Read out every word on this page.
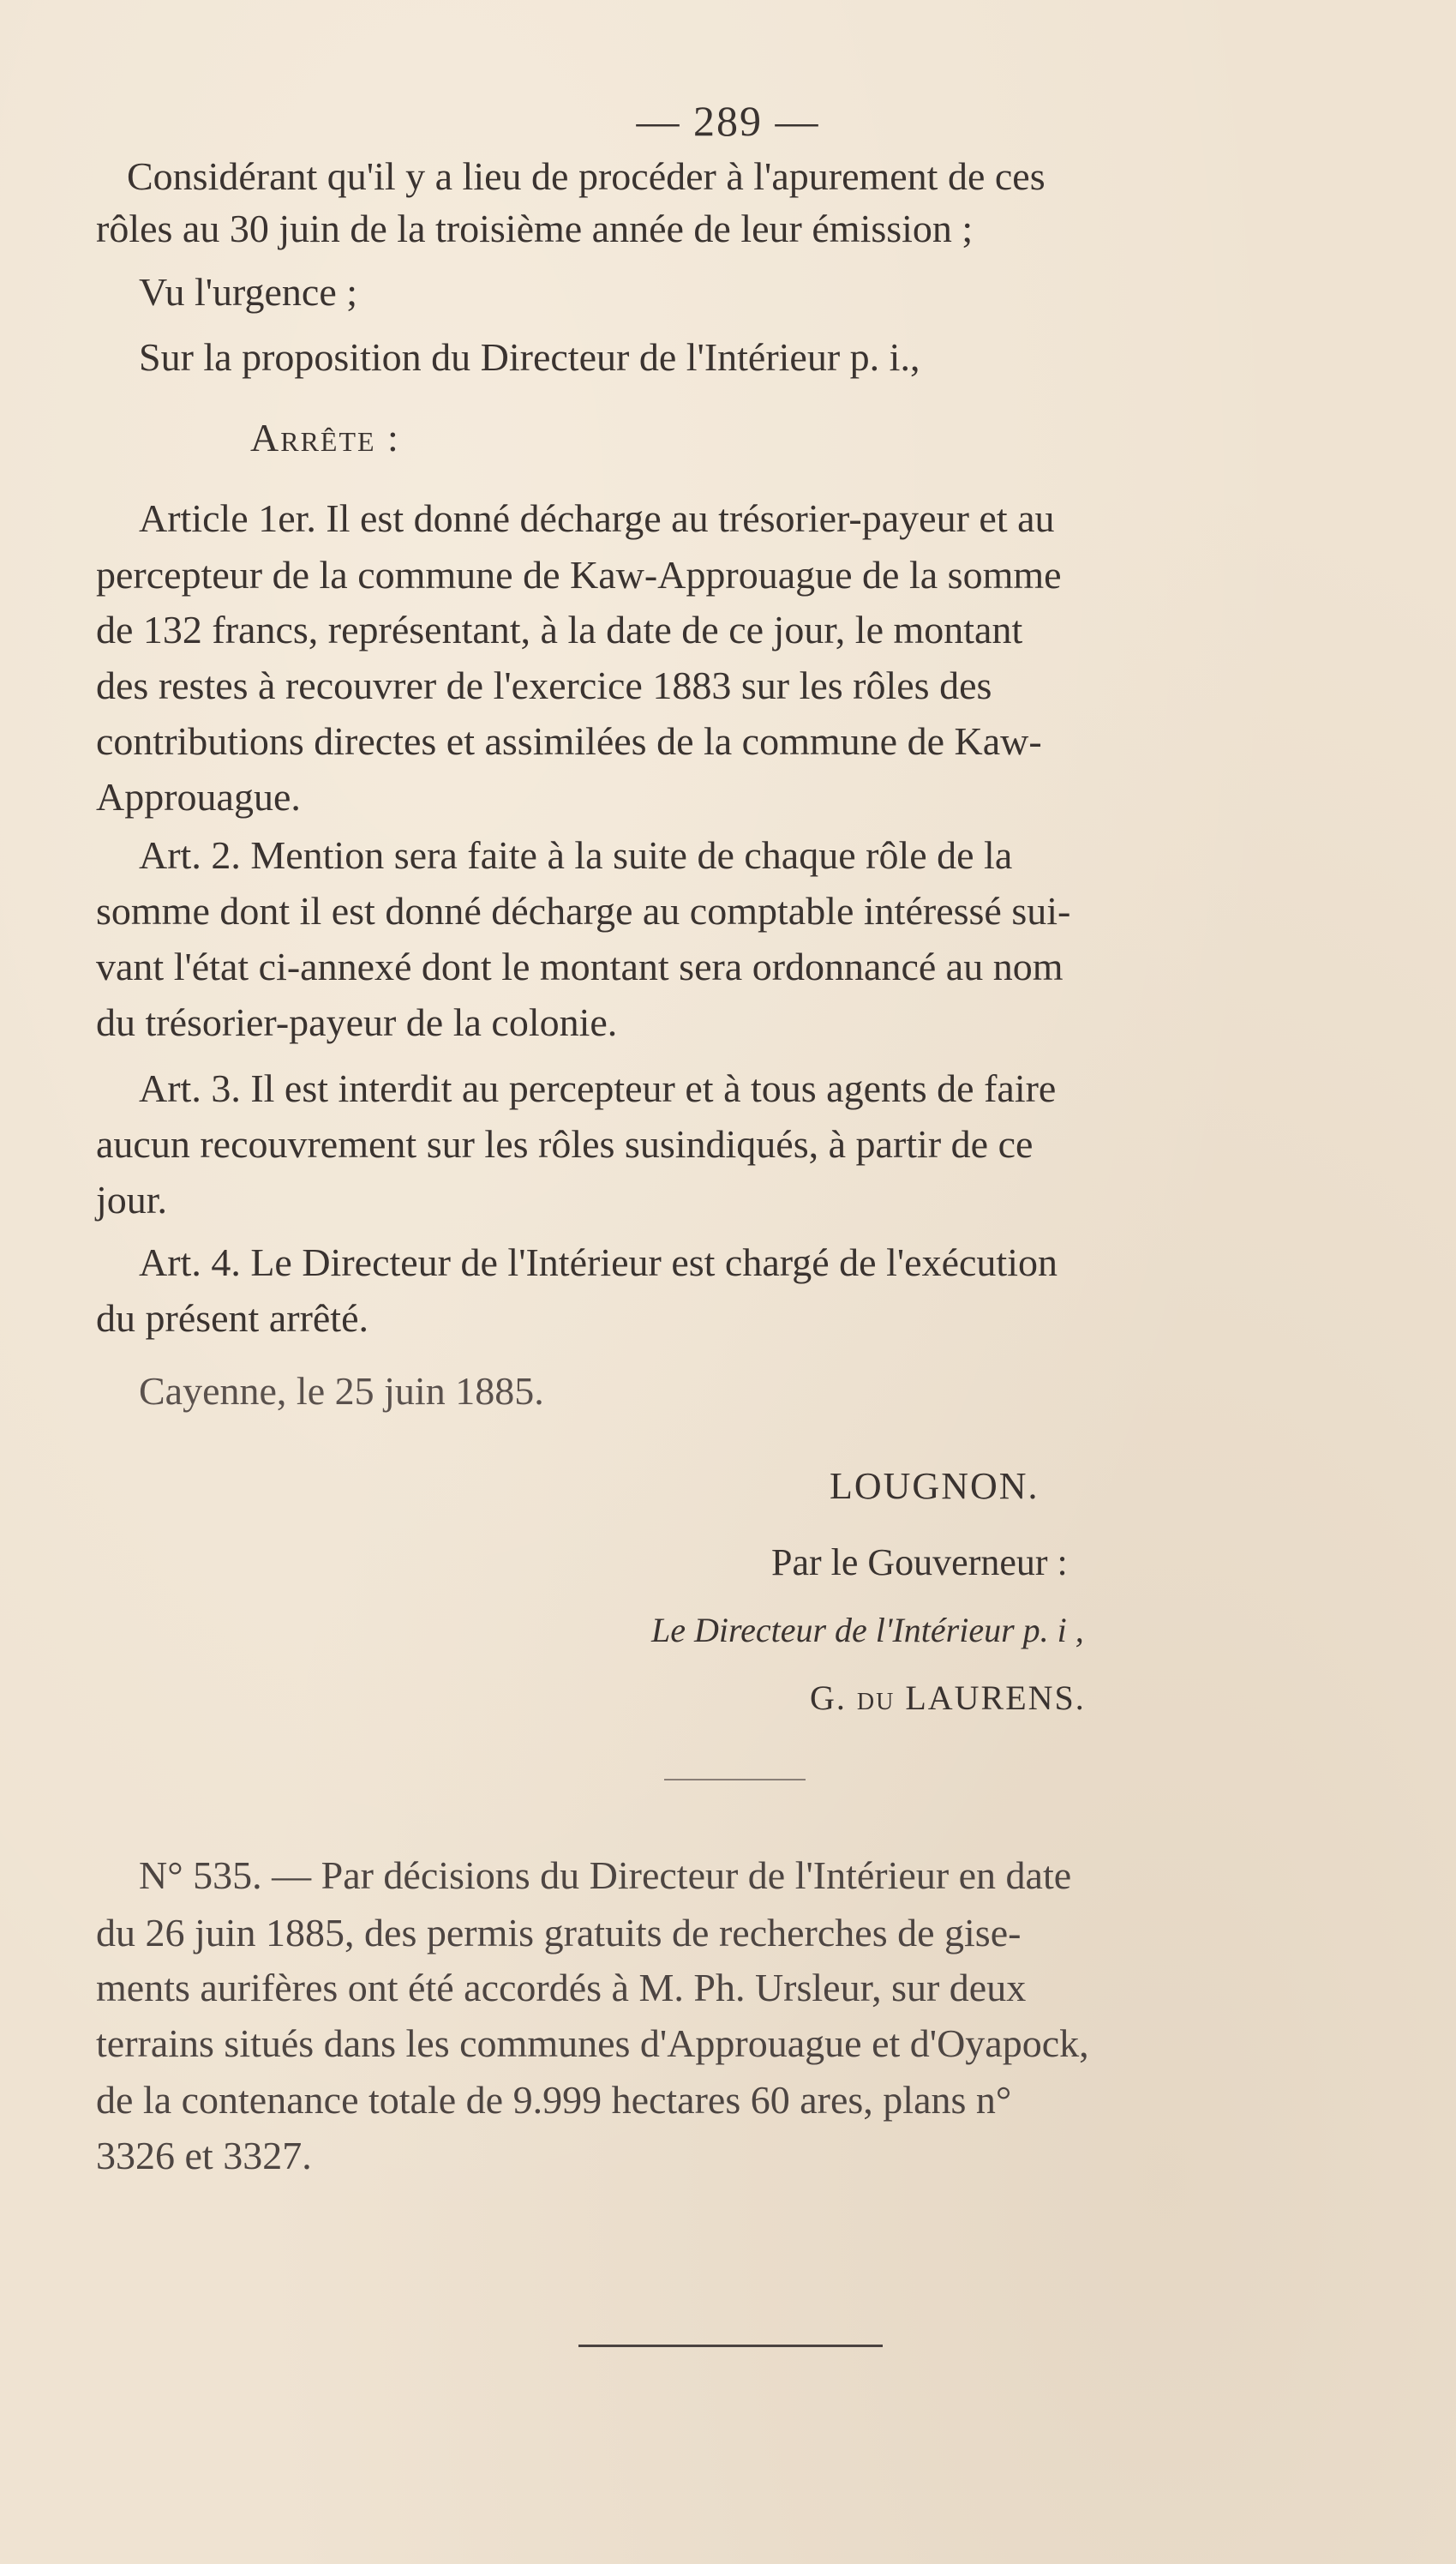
— 289 —
Considérant qu'il y a lieu de procéder à l'apurement de ces
rôles au 30 juin de la troisième année de leur émission ;
Vu l'urgence ;
Sur la proposition du Directeur de l'Intérieur p. i.,
Arrête :
Article 1er. Il est donné décharge au trésorier-payeur et au
percepteur de la commune de Kaw-Approuague de la somme
de 132 francs, représentant, à la date de ce jour, le montant
des restes à recouvrer de l'exercice 1883 sur les rôles des
contributions directes et assimilées de la commune de Kaw-
Approuague.
Art. 2. Mention sera faite à la suite de chaque rôle de la
somme dont il est donné décharge au comptable intéressé sui-
vant l'état ci-annexé dont le montant sera ordonnancé au nom
du trésorier-payeur de la colonie.
Art. 3. Il est interdit au percepteur et à tous agents de faire
aucun recouvrement sur les rôles susindiqués, à partir de ce
jour.
Art. 4. Le Directeur de l'Intérieur est chargé de l'exécution
du présent arrêté.
Cayenne, le 25 juin 1885.
LOUGNON.
Par le Gouverneur :
Le Directeur de l'Intérieur p. i ,
G. du LAURENS.
N° 535. — Par décisions du Directeur de l'Intérieur en date
du 26 juin 1885, des permis gratuits de recherches de gise-
ments aurifères ont été accordés à M. Ph. Ursleur, sur deux
terrains situés dans les communes d'Approuague et d'Oyapock,
de la contenance totale de 9.999 hectares 60 ares, plans n°
3326 et 3327.
